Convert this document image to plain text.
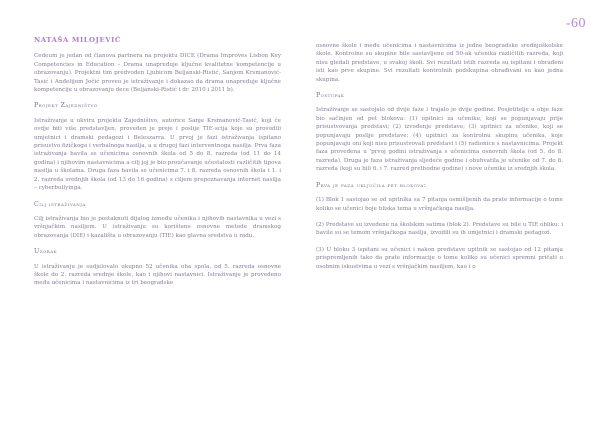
-60
NATAŠA MILOJEVIĆ

Cedeum je jedan od članova partnera na projektu DICE (Drama Improves Lisbon Key Competencies in Education – Drama unapređuje ključne kvalitetne kompetencije u obrazovanju). Projektni tim predvođen Ljubicom Beljanski-Ristić, Sanjom Krsmanović-Tasić i Anđelijom Jočić proveo je istraživanje i dokazao da drama unapređuje ključne kompetencije u obrazovanju dece (Beljanski-Ristić i dr. 2010 i 2011 b).

Projekt Zajedništvo

Istraživanje u okviru projekta Zajedništvo, autorice Sanje Krsmanović-Tasić, koji će ovdje biti više predstavljen, proveden je preje i poslije TIE-scija koje su provodili umjetnici i dramski pedagozi i Beleszarra. U prvoj je fazi istraživanja ispitano prisustvo fizičkoga i verbalnoga nasilja, a u drugoj fazi interventnoga nasilja. Prva faza istraživanja bavila se učenicima osnovnih škola od 5 do 8. razreda (od 11 do 14 godina) i njihovim nastavnicima a cilj joj je bio proučavanje učestalosti različitih tipova nasilja u školama. Druga faza bavila se učenicima 7. i 8. razreda osnovnih škola i 1. i 2. razreda srednjih škola (od 13 do 16 godina) s ciljem prepoznavanja internet nasilja – cyberbullyinga.

Cilj istraživanja

Cilj istraživanja bio je postaknuti dijalog između učenika i njihovih nastavnika u vezi s vršnjačkim nasiljem. U istraživanju su korištene osnovne metode dramskog obrazovanja (DIE) i kazališta u obrazovanju (TIE) kao glavna sredstva u radu.

Uzorak

U istraživanju je sudjelovalo ukupno 52 učenika oba spola, od 5. razreda osnovne škole do 2. razreda srednje škole, kao i njihovi nastavnici. Istraživanje je provedeno među učenicima i nastavnicima iz tri beogradske

osnovne škole i među učenicima i nastavnicima iz jedne beogradske srednjoškolske škole. Kontrolne su skupine bile sastavljene od 50-ak učenika različitih razreda, koji nisu gledali predstave, u svakoj školi. Svi rezultati istih razreda su ispitani i obrađeni isti kao prve skupine. Svi rezultati kontrolnih podskupina obrađivani su kao jedna skupina.

Postupak

Istraživanje se sastojalo od dvije faze i trajalo je dvije godine. Posjetitelje u obje faze bio sačinjen od pet blokova: (1) upitnici za učenike, koji se popunjavaju prije prisustvovanja predstavi; (2) izvođenje predstave; (3) upitnici za učenike, koji se popunjavaju poslije predstave; (4) upitnici za kontrolnu skupinu učenika, koje popunjavaju oni koji nisu prisustvovali predstavi i (5) radionice s nastavnicima. Projekt faza provedena u 'prvoj godini istraživanja s učenicima osnovnih škola (od 5. do 8. razreda). Druga je faza istraživanja sljedeće godine i obuhvatila je učenike od 7. do 8. razreda (koji su bili 6. i 7. razred prethodne godine) i nove učenike iz srednjih škola.

Prva je faza uključila pet blokova:

(1) Blok 1 sastojao se od upitnika sa 7 pitanja osmišljenih da prate informacije o tome koliko se učenici boje bliska tema u vršnjačkoga nasilja.

(2) Predstave su izvedene na školskim satima (blok 2). Predstave su bile u TIE obliku: i bavile su se temom vršnjačkoga nasilja, izvodili su ih umjetnici i dramski pedagozi.

(3) U bloku 3 ispitani su učenici i nakon predstave upitnik se sastojao od 12 pitanja prispremljenih tako da prate informacije o tome koliko su učenici spremni pričati o osobnim iskustvima u vezi s vršnjačkim nasiljem, kao i o
